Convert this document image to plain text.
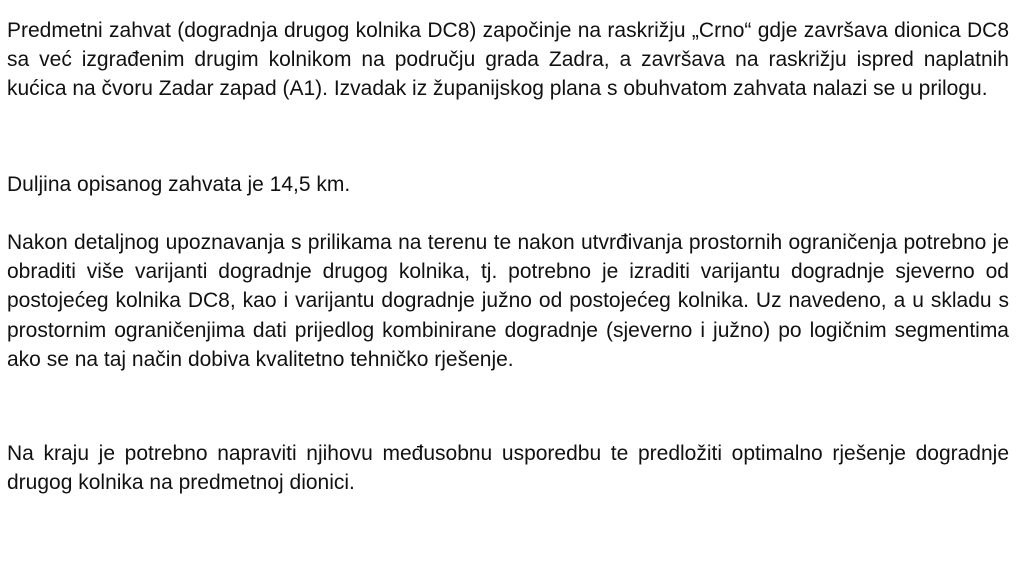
Predmetni zahvat (dogradnja drugog kolnika DC8) započinje na raskrižju „Crno“ gdje završava dionica DC8 sa već izgrađenim drugim kolnikom na području grada Zadra, a završava na raskrižju ispred naplatnih kućica na čvoru Zadar zapad (A1). Izvadak iz županijskog plana s obuhvatom zahvata nalazi se u prilogu.

Duljina opisanog zahvata je 14,5 km.

Nakon detaljnog upoznavanja s prilikama na terenu te nakon utvrđivanja prostornih ograničenja potrebno je obraditi više varijanti dogradnje drugog kolnika, tj. potrebno je izraditi varijantu dogradnje sjeverno od postojećeg kolnika DC8, kao i varijantu dogradnje južno od postojećeg kolnika. Uz navedeno, a u skladu s prostornim ograničenjima dati prijedlog kombinirane dogradnje (sjeverno i južno) po logičnim segmentima ako se na taj način dobiva kvalitetno tehničko rješenje.

Na kraju je potrebno napraviti njihovu međusobnu usporedbu te predložiti optimalno rješenje dogradnje drugog kolnika na predmetnoj dionici.
